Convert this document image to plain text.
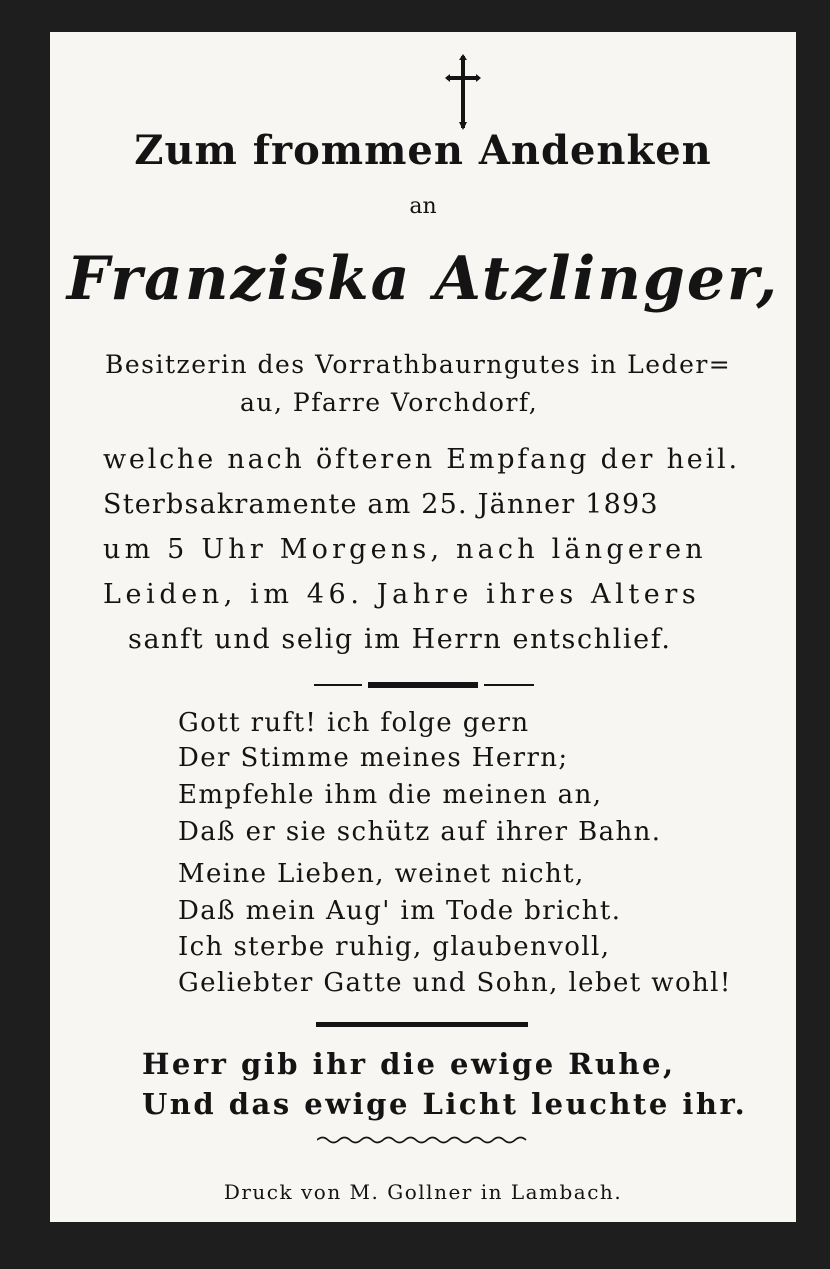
Zum frommen Andenken
an
Franziska Atzlinger,
Besitzerin des Vorrathbaurngutes in Leder=
au, Pfarre Vorchdorf,
welche nach öfteren Empfang der heil.
Sterbsakramente am 25. Jänner 1893
um 5 Uhr Morgens, nach längeren
Leiden, im 46. Jahre ihres Alters
sanft und selig im Herrn entschlief.
Gott ruft! ich folge gern
Der Stimme meines Herrn;
Empfehle ihm die meinen an,
Daß er sie schütz auf ihrer Bahn.
Meine Lieben, weinet nicht,
Daß mein Aug' im Tode bricht.
Ich sterbe ruhig, glaubenvoll,
Geliebter Gatte und Sohn, lebet wohl!
Herr gib ihr die ewige Ruhe,
Und das ewige Licht leuchte ihr.
Druck von M. Gollner in Lambach.
